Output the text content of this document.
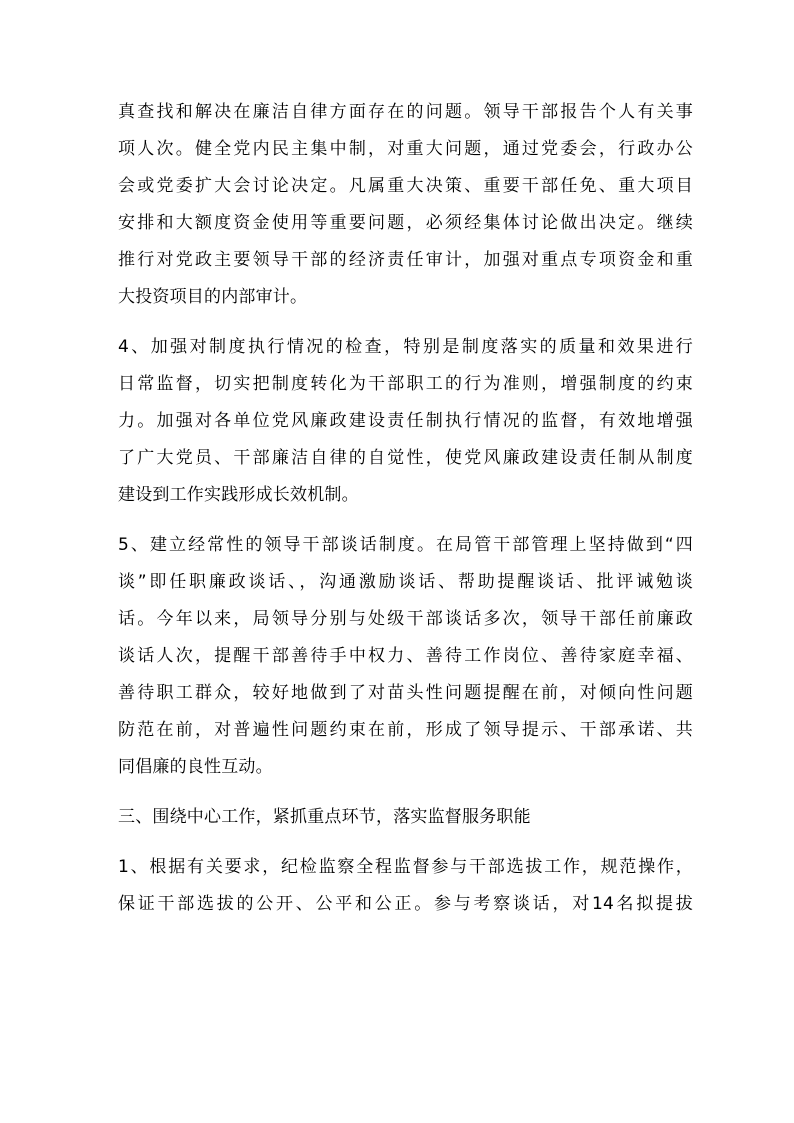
真查找和解决在廉洁自律方面存在的问题。领导干部报告个人有关事
项人次。健全党内民主集中制，对重大问题，通过党委会，行政办公
会或党委扩大会讨论决定。凡属重大决策、重要干部任免、重大项目
安排和大额度资金使用等重要问题，必须经集体讨论做出决定。继续
推行对党政主要领导干部的经济责任审计，加强对重点专项资金和重
大投资项目的内部审计。
4、加强对制度执行情况的检查，特别是制度落实的质量和效果进行
日常监督，切实把制度转化为干部职工的行为准则，增强制度的约束
力。加强对各单位党风廉政建设责任制执行情况的监督，有效地增强
了广大党员、干部廉洁自律的自觉性，使党风廉政建设责任制从制度
建设到工作实践形成长效机制。
5、建立经常性的领导干部谈话制度。在局管干部管理上坚持做到“四
谈”即任职廉政谈话、，沟通激励谈话、帮助提醒谈话、批评诫勉谈
话。今年以来，局领导分别与处级干部谈话多次，领导干部任前廉政
谈话人次，提醒干部善待手中权力、善待工作岗位、善待家庭幸福、
善待职工群众，较好地做到了对苗头性问题提醒在前，对倾向性问题
防范在前，对普遍性问题约束在前，形成了领导提示、干部承诺、共
同倡廉的良性互动。
三、围绕中心工作，紧抓重点环节，落实监督服务职能
1、根据有关要求，纪检监察全程监督参与干部选拔工作，规范操作，
保证干部选拔的公开、公平和公正。参与考察谈话，对14名拟提拔
